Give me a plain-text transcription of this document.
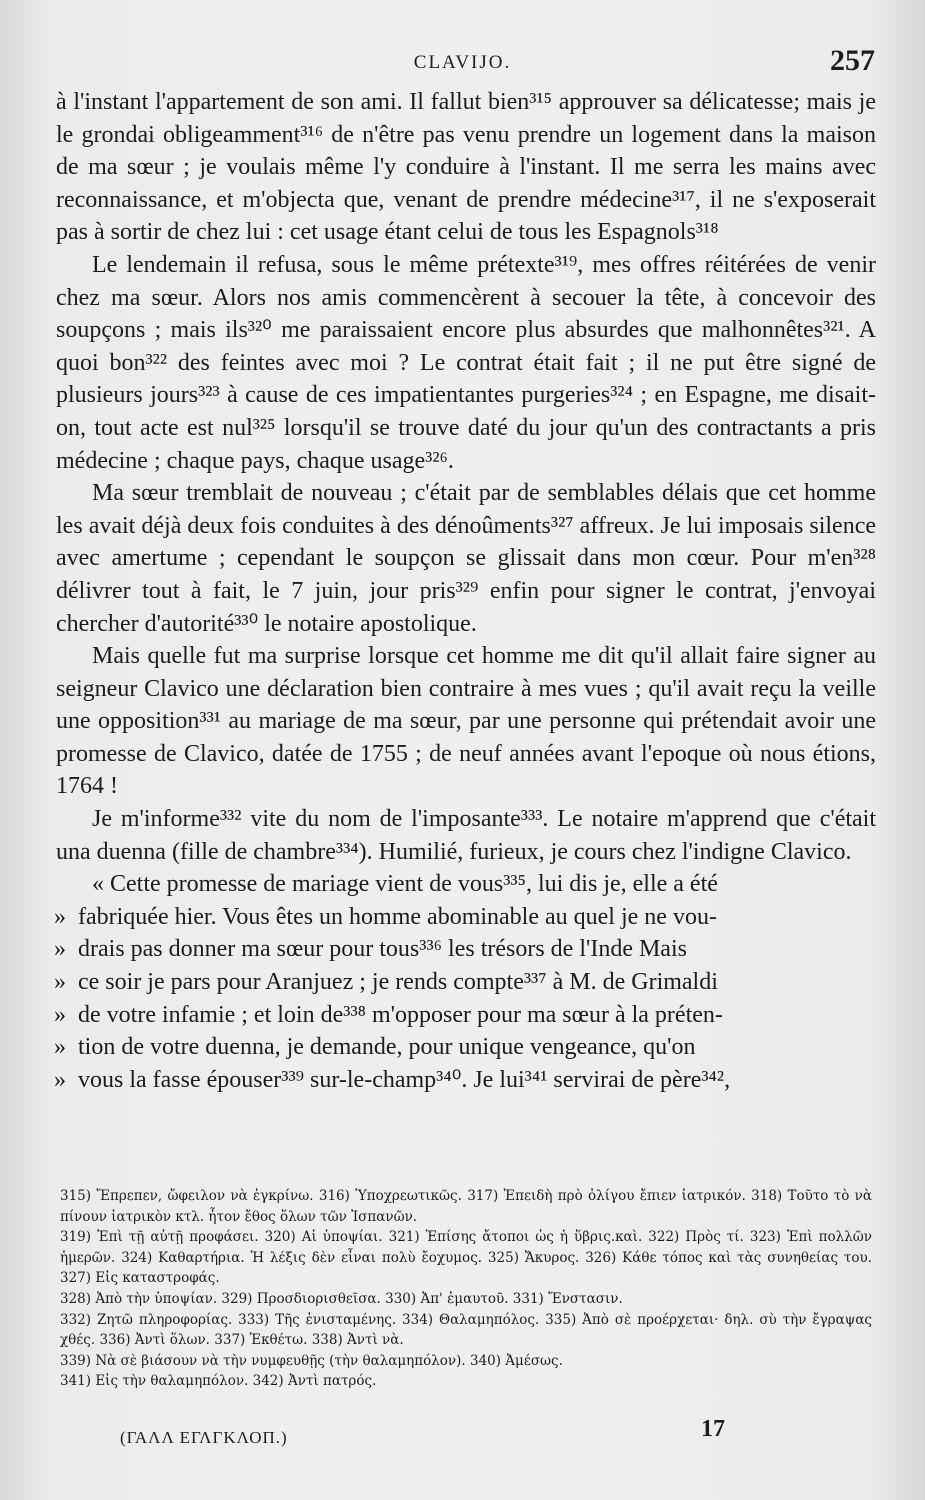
CLAVIJO.	257

à l'instant l'appartement de son ami. Il fallut bien³¹⁵ approuver sa délicatesse; mais je le grondai obligeamment³¹⁶ de n'être pas venu prendre un logement dans la maison de ma sœur ; je voulais même l'y conduire à l'instant. Il me serra les mains avec reconnaissance, et m'objecta que, venant de prendre médecine³¹⁷, il ne s'exposerait pas à sortir de chez lui : cet usage étant celui de tous les Espagnols³¹⁸

Le lendemain il refusa, sous le même prétexte³¹⁹, mes offres réitérées de venir chez ma sœur. Alors nos amis commencèrent à secouer la tête, à concevoir des soupçons ; mais ils³²⁰ me paraissaient encore plus absurdes que malhonnêtes³²¹. A quoi bon³²² des feintes avec moi ? Le contrat était fait ; il ne put être signé de plusieurs jours³²³ à cause de ces impatientantes purgeries³²⁴ ; en Espagne, me disait-on, tout acte est nul³²⁵ lorsqu'il se trouve daté du jour qu'un des contractants a pris médecine ; chaque pays, chaque usage³²⁶.

Ma sœur tremblait de nouveau ; c'était par de semblables délais que cet homme les avait déjà deux fois conduites à des dénoûments³²⁷ affreux. Je lui imposais silence avec amertume ; cependant le soupçon se glissait dans mon cœur. Pour m'en³²⁸ délivrer tout à fait, le 7 juin, jour pris³²⁹ enfin pour signer le contrat, j'envoyai chercher d'autorité³³⁰ le notaire apostolique.

Mais quelle fut ma surprise lorsque cet homme me dit qu'il allait faire signer au seigneur Clavico une déclaration bien contraire à mes vues ; qu'il avait reçu la veille une opposition³³¹ au mariage de ma sœur, par une personne qui prétendait avoir une promesse de Clavico, datée de 1755 ; de neuf années avant l'epoque où nous étions, 1764 !

Je m'informe³³² vite du nom de l'imposante³³³. Le notaire m'apprend que c'était una duenna (fille de chambre³³⁴). Humilié, furieux, je cours chez l'indigne Clavico.

« Cette promesse de mariage vient de vous³³⁵, lui dis je, elle a été
» fabriquée hier. Vous êtes un homme abominable au quel je ne vou-
» drais pas donner ma sœur pour tous³³⁶ les trésors de l'Inde Mais
» ce soir je pars pour Aranjuez ; je rends compte³³⁷ à M. de Grimaldi
» de votre infamie ; et loin de³³⁸ m'opposer pour ma sœur à la préten-
» tion de votre duenna, je demande, pour unique vengeance, qu'on
» vous la fasse épouser³³⁹ sur-le-champ³⁴⁰. Je lui³⁴¹ servirai de père³⁴²,

315) Ἔπρεπεν, ὤφειλον νὰ ἐγκρίνω. 316) Ὑποχρεωτικῶς. 317) Ἐπειδὴ πρὸ ὀλίγου ἔπιεν ἰατρικόν. 318) Τοῦτο τὸ νὰ πίνουν ἰατρικὸν κτλ. ἦτον ἔθος ὅλων τῶν Ἰσπανῶν.

319) Ἐπὶ τῇ αὐτῇ προφάσει. 320) Αἱ ὑποψίαι. 321) Ἐπίσης ἄτοποι ὡς ἡ ὕβρις.καὶ. 322) Πρὸς τί. 323) Ἐπὶ πολλῶν ἡμερῶν. 324) Καθαρτήρια. Ἡ λέξις δὲν εἶναι πολὺ ἔοχυμος. 325) Ἄκυρος. 326) Κάθε τόπος καὶ τὰς συνηθείας του. 327) Εἰς καταστροφάς.

328) Ἀπὸ τὴν ὑποψίαν. 329) Προσδιορισθεῖσα. 330) Ἀπ' ἐμαυτοῦ. 331) Ἔνστασιν.

332) Ζητῶ πληροφορίας. 333) Τῆς ἐνισταμένης. 334) Θαλαμηπόλος. 335) Ἀπὸ σὲ προέρχεται· δηλ. σὺ τὴν ἔγραψας χθές. 336) Ἀντὶ ὅλων. 337) Ἐκθέτω. 338) Ἀντὶ νὰ.

339) Νὰ σὲ βιάσουν νὰ τὴν νυμφευθῇς (τὴν θαλαμηπόλον). 340) Ἀμέσως.

341) Εἰς τὴν θαλαμηπόλον. 342) Ἀντὶ πατρός.

(ΓΑΛΛ ΕΓΛΓΚΛΟΠ.)	17
